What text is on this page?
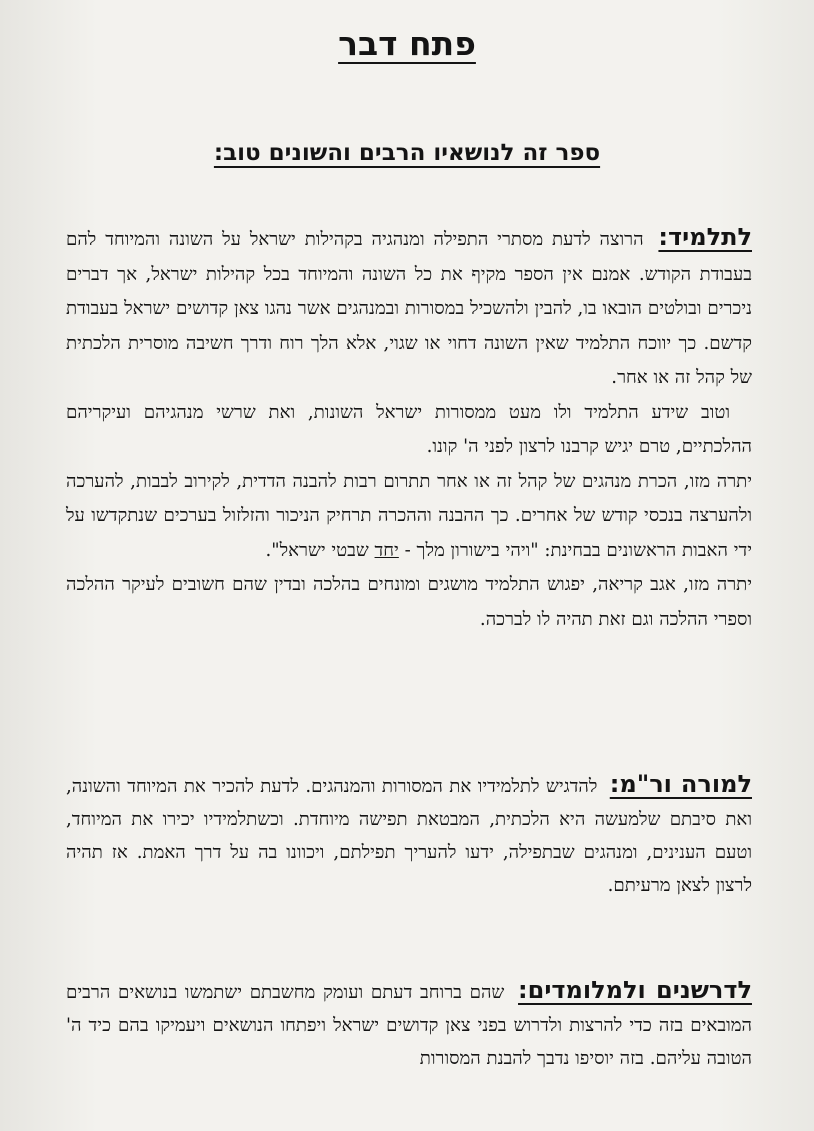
פתח דבר
ספר זה לנושאיו הרבים והשונים טוב:

לתלמיד: הרוצה לדעת מסתרי התפילה ומנהגיה בקהילות ישראל על השונה והמיוחד להם בעבודת הקודש. אמנם אין הספר מקיף את כל השונה והמיוחד בכל קהילות ישראל, אך דברים ניכרים ובולטים הובאו בו, להבין ולהשכיל במסורות ובמנהגים אשר נהגו צאן קדושים ישראל בעבודת קדשם. כך יווכח התלמיד שאין השונה דחוי או שגוי, אלא הלך רוח ודרך חשיבה מוסרית הלכתית של קהל זה או אחר.

וטוב שידע התלמיד ולו מעט ממסורות ישראל השונות, ואת שרשי מנהגיהם ועיקריהם ההלכתיים, טרם יגיש קרבנו לרצון לפני ה' קונו.

יתרה מזו, הכרת מנהגים של קהל זה או אחר תתרום רבות להבנה הדדית, לקירוב לבבות, להערכה ולהערצה בנכסי קודש של אחרים. כך ההבנה וההכרה תרחיק הניכור והזלזול בערכים שנתקדשו על ידי האבות הראשונים בבחינת: "ויהי בישורון מלך - יחד שבטי ישראל".

יתרה מזו, אגב קריאה, יפגוש התלמיד מושגים ומונחים בהלכה ובדין שהם חשובים לעיקר ההלכה וספרי ההלכה וגם זאת תהיה לו לברכה.

למורה ור"מ: להדגיש לתלמידיו את המסורות והמנהגים. לדעת להכיר את המיוחד והשונה, ואת סיבתם שלמעשה היא הלכתית, המבטאת תפישה מיוחדת. וכשתלמידיו יכירו את המיוחד, וטעם הענינים, ומנהגים שבתפילה, ידעו להעריך תפילתם, ויכוונו בה על דרך האמת. אז תהיה לרצון לצאן מרעיתם.

לדרשנים ולמלומדים: שהם ברוחב דעתם ועומק מחשבתם ישתמשו בנושאים הרבים המובאים בזה כדי להרצות ולדרוש בפני צאן קדושים ישראל ויפתחו הנושאים ויעמיקו בהם כיד ה' הטובה עליהם. בזה יוסיפו נדבך להבנת המסורות
